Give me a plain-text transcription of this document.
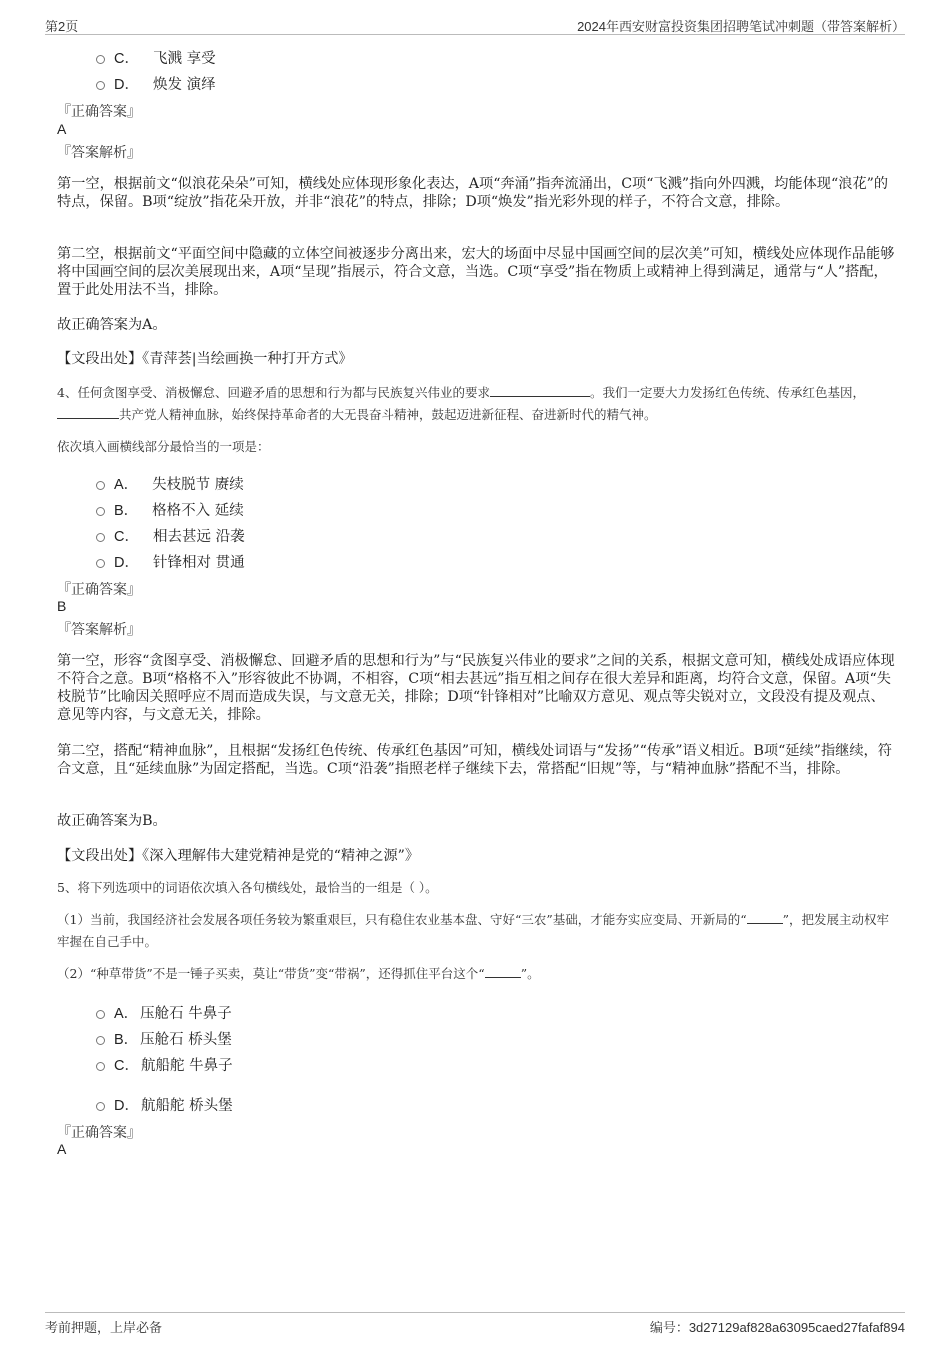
第2页	2024年西安财富投资集团招聘笔试冲刺题（带答案解析）
C． 飞溅 享受
D． 焕发 演绎
『正确答案』
A
『答案解析』
第一空，根据前文“似浪花朵朵”可知，横线处应体现形象化表达，A项“奔涌”指奔流涌出，C项“飞溅”指向外四溅，均能体现“浪花”的特点，保留。B项“绽放”指花朵开放，并非“浪花”的特点，排除；D项“焕发”指光彩外现的样子，不符合文意，排除。
第二空，根据前文“平面空间中隐藏的立体空间被逐步分离出来，宏大的场面中尽显中国画空间的层次美”可知，横线处应体现作品能够将中国画空间的层次美展现出来，A项“呈现”指展示，符合文意，当选。C项“享受”指在物质上或精神上得到满足，通常与“人”搭配，置于此处用法不当，排除。
故正确答案为A。
【文段出处】《青萍荟|当绘画换一种打开方式》
4、任何贪图享受、消极懈怠、回避矛盾的思想和行为都与民族复兴伟业的要求	。我们一定要大力发扬红色传统、传承红色基因，共产党人精神血脉，始终保持革命者的大无畏奋斗精神，鼓起迈进新征程、奋进新时代的精气神。
依次填入画横线部分最恰当的一项是：
A． 失枝脱节 赓续
B． 格格不入 延续
C． 相去甚远 沿袭
D． 针锋相对 贯通
『正确答案』
B
『答案解析』
第一空，形容“贪图享受、消极懈怠、回避矛盾的思想和行为”与“民族复兴伟业的要求”之间的关系，根据文意可知，横线处成语应体现不符合之意。B项“格格不入”形容彼此不协调，不相容，C项“相去甚远”指互相之间存在很大差异和距离，均符合文意，保留。A项“失枝脱节”比喻因关照呼应不周而造成失误，与文意无关，排除；D项“针锋相对”比喻双方意见、观点等尖锐对立，文段没有提及观点、意见等内容，与文意无关，排除。
第二空，搭配“精神血脉”，且根据“发扬红色传统、传承红色基因”可知，横线处词语与“发扬”“传承”语义相近。B项“延续”指继续，符合文意，且“延续血脉”为固定搭配，当选。C项“沿袭”指照老样子继续下去，常搭配“旧规”等，与“精神血脉”搭配不当，排除。
故正确答案为B。
【文段出处】《深入理解伟大建党精神是党的“精神之源”》
5、将下列选项中的词语依次填入各句横线处，最恰当的一组是（ ）。
（1）当前，我国经济社会发展各项任务较为繁重艰巨，只有稳住农业基本盘、守好“三农”基础，才能夯实应变局、开新局的“	”，把发展主动权牢牢握在自己手中。
（2）“种草带货”不是一锤子买卖，莫让“带货”变“带祸”，还得抓住平台这个“	”。
A． 压舱石 牛鼻子
B． 压舱石 桥头堡
C． 航船舵 牛鼻子
D． 航船舵 桥头堡
『正确答案』
A
考前押题，上岸必备	编号：3d27129af828a63095caed27fafaf894
